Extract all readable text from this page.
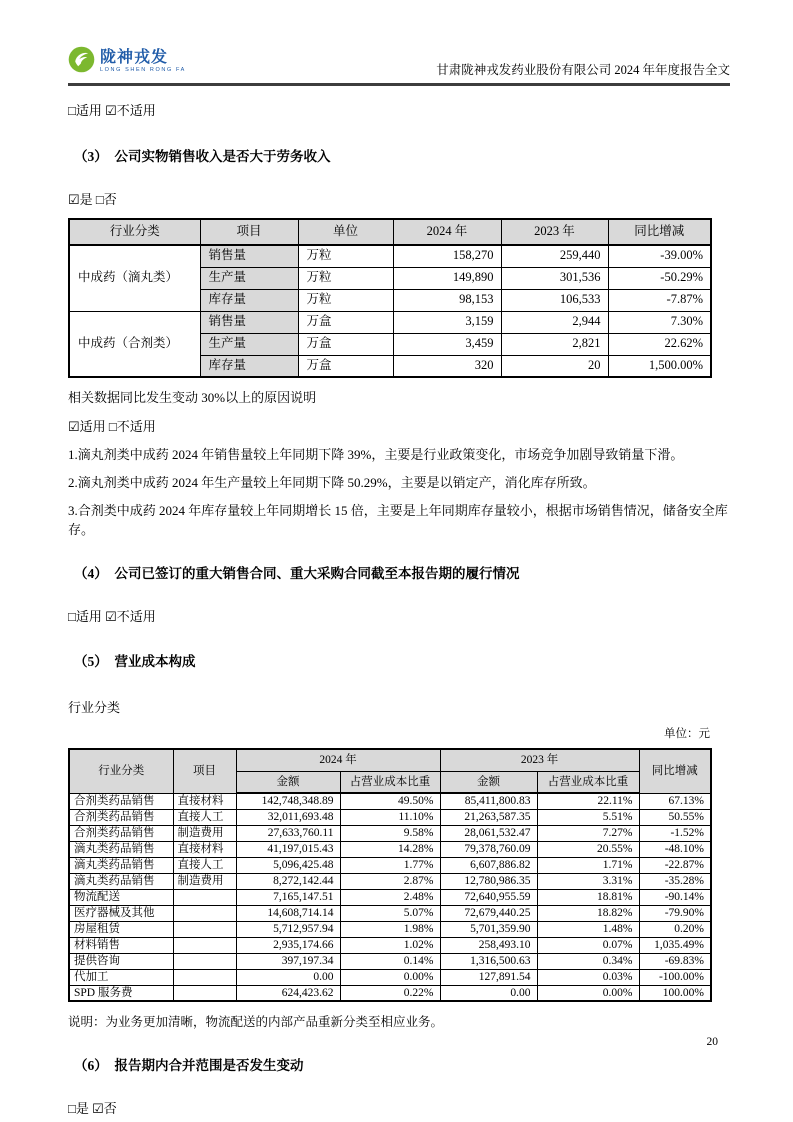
陇神戎发
LONG SHEN RONG FA	甘肃陇神戎发药业股份有限公司 2024 年年度报告全文

□适用 ☑不适用

（3）　公司实物销售收入是否大于劳务收入

☑是 □否

行业分类	项目	单位	2024 年	2023 年	同比增减
中成药（滴丸类）	销售量	万粒	158,270	259,440	-39.00%
	生产量	万粒	149,890	301,536	-50.29%
	库存量	万粒	98,153	106,533	-7.87%
中成药（合剂类）	销售量	万盒	3,159	2,944	7.30%
	生产量	万盒	3,459	2,821	22.62%
	库存量	万盒	320	20	1,500.00%

相关数据同比发生变动 30%以上的原因说明

☑适用 □不适用

1.滴丸剂类中成药 2024 年销售量较上年同期下降 39%，主要是行业政策变化，市场竞争加剧导致销量下滑。

2.滴丸剂类中成药 2024 年生产量较上年同期下降 50.29%，主要是以销定产，消化库存所致。

3.合剂类中成药 2024 年库存量较上年同期增长 15 倍，主要是上年同期库存量较小，根据市场销售情况，储备安全库存。

（4）　公司已签订的重大销售合同、重大采购合同截至本报告期的履行情况

□适用 ☑不适用

（5）　营业成本构成

行业分类

单位：元
行业分类	项目	2024 年		2023 年		同比增减
		金额	占营业成本比重	金额	占营业成本比重	
合剂类药品销售	直接材料	142,748,348.89	49.50%	85,411,800.83	22.11%	67.13%
合剂类药品销售	直接人工	32,011,693.48	11.10%	21,263,587.35	5.51%	50.55%
合剂类药品销售	制造费用	27,633,760.11	9.58%	28,061,532.47	7.27%	-1.52%
滴丸类药品销售	直接材料	41,197,015.43	14.28%	79,378,760.09	20.55%	-48.10%
滴丸类药品销售	直接人工	5,096,425.48	1.77%	6,607,886.82	1.71%	-22.87%
滴丸类药品销售	制造费用	8,272,142.44	2.87%	12,780,986.35	3.31%	-35.28%
物流配送		7,165,147.51	2.48%	72,640,955.59	18.81%	-90.14%
医疗器械及其他		14,608,714.14	5.07%	72,679,440.25	18.82%	-79.90%
房屋租赁		5,712,957.94	1.98%	5,701,359.90	1.48%	0.20%
材料销售		2,935,174.66	1.02%	258,493.10	0.07%	1,035.49%
提供咨询		397,197.34	0.14%	1,316,500.63	0.34%	-69.83%
代加工		0.00	0.00%	127,891.54	0.03%	-100.00%
SPD 服务费		624,423.62	0.22%	0.00	0.00%	100.00%

说明：为业务更加清晰，物流配送的内部产品重新分类至相应业务。

（6）　报告期内合并范围是否发生变动

□是 ☑否

20
